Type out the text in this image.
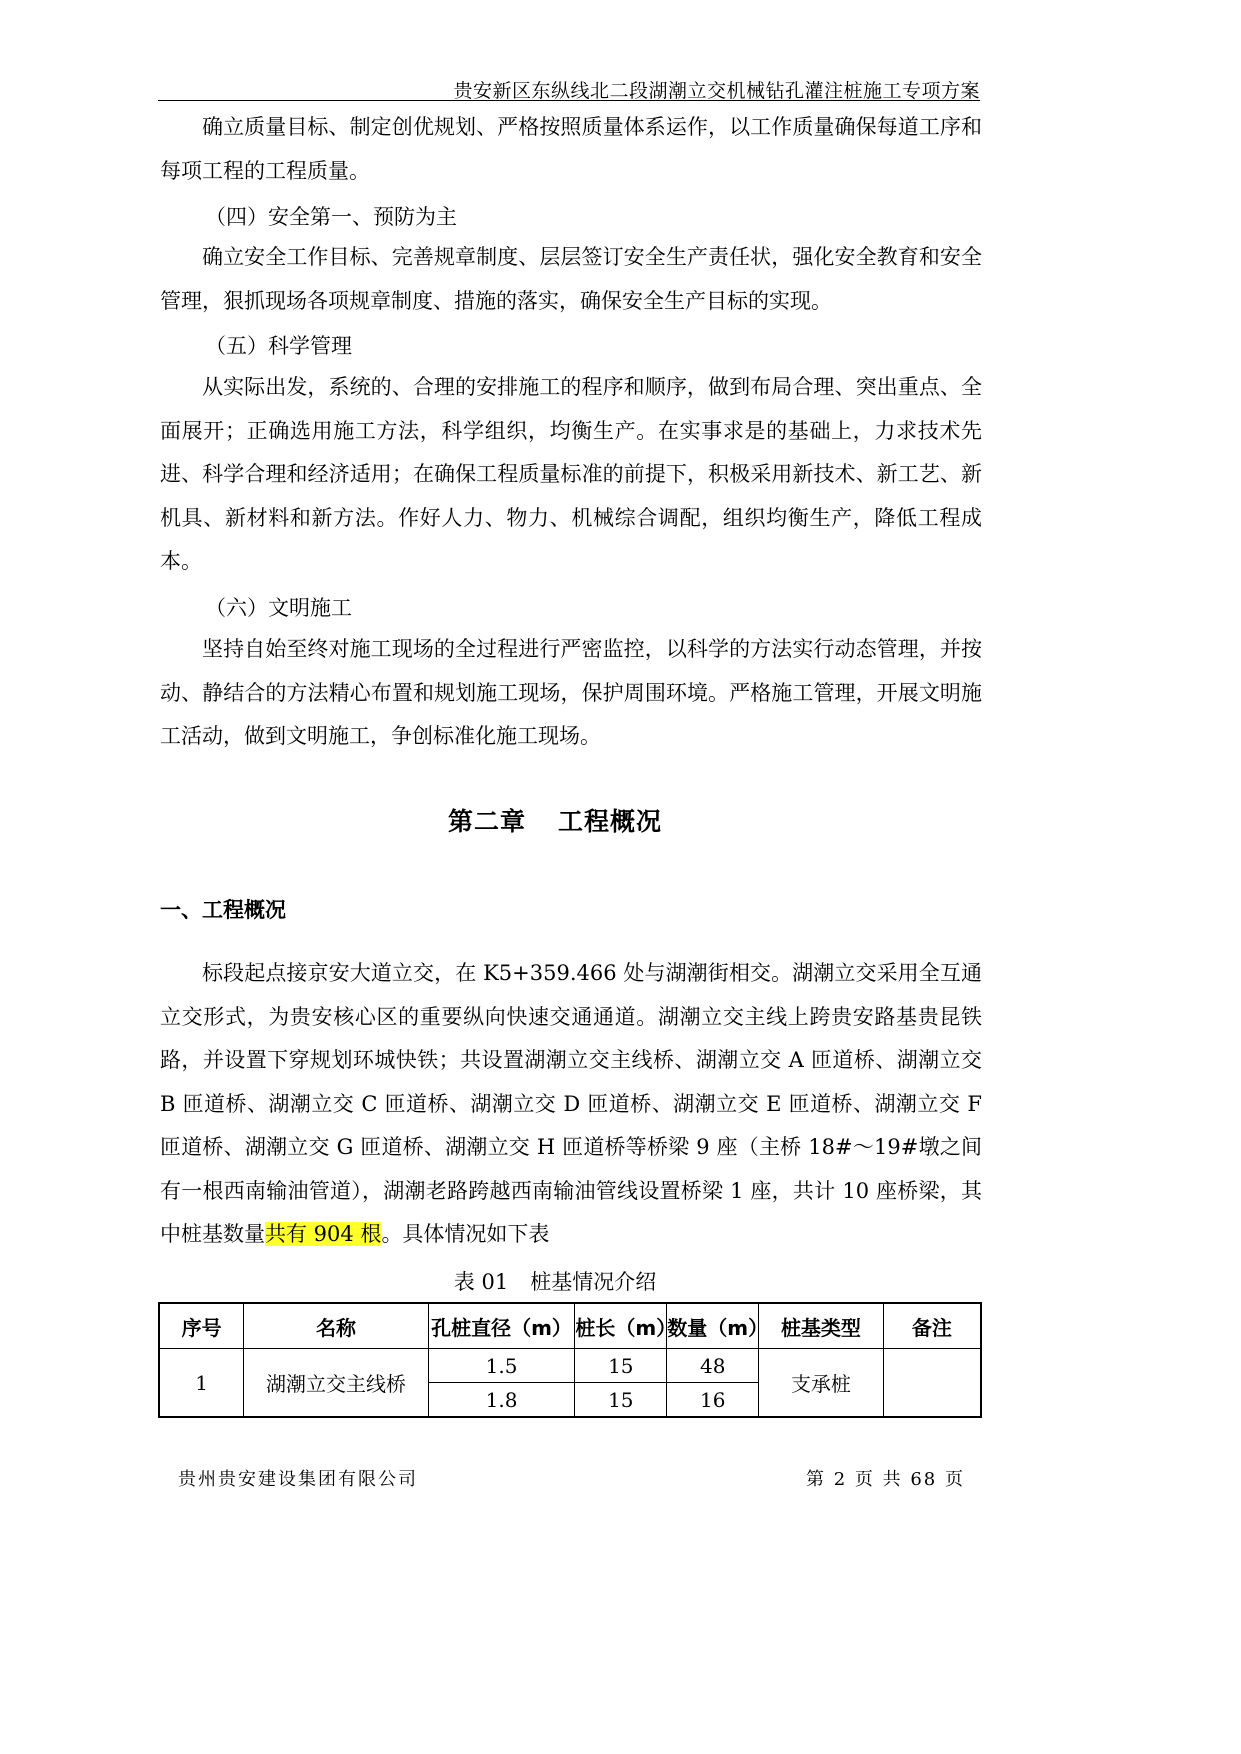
贵安新区东纵线北二段湖潮立交机械钻孔灌注桩施工专项方案
确立质量目标、制定创优规划、严格按照质量体系运作，以工作质量确保每道工序和每项工程的工程质量。
（四）安全第一、预防为主
确立安全工作目标、完善规章制度、层层签订安全生产责任状，强化安全教育和安全管理，狠抓现场各项规章制度、措施的落实，确保安全生产目标的实现。
（五）科学管理
从实际出发，系统的、合理的安排施工的程序和顺序，做到布局合理、突出重点、全面展开；正确选用施工方法，科学组织，均衡生产。在实事求是的基础上，力求技术先进、科学合理和经济适用；在确保工程质量标准的前提下，积极采用新技术、新工艺、新机具、新材料和新方法。作好人力、物力、机械综合调配，组织均衡生产，降低工程成本。
（六）文明施工
坚持自始至终对施工现场的全过程进行严密监控，以科学的方法实行动态管理，并按动、静结合的方法精心布置和规划施工现场，保护周围环境。严格施工管理，开展文明施工活动，做到文明施工，争创标准化施工现场。
第二章 工程概况
一、工程概况
标段起点接京安大道立交，在 K5+359.466 处与湖潮街相交。湖潮立交采用全互通立交形式，为贵安核心区的重要纵向快速交通通道。湖潮立交主线上跨贵安路基贵昆铁路，并设置下穿规划环城快铁；共设置湖潮立交主线桥、湖潮立交 A 匝道桥、湖潮立交 B 匝道桥、湖潮立交 C 匝道桥、湖潮立交 D 匝道桥、湖潮立交 E 匝道桥、湖潮立交 F 匝道桥、湖潮立交 G 匝道桥、湖潮立交 H 匝道桥等桥梁 9 座（主桥 18#～19#墩之间有一根西南输油管道），湖潮老路跨越西南输油管线设置桥梁 1 座，共计 10 座桥梁，其中桩基数量共有 904 根。具体情况如下表
表 01 桩基情况介绍
序号	名称	孔桩直径（m）	桩长（m）	数量（m）	桩基类型	备注
1	湖潮立交主线桥	1.5	15	48	支承桩	
		1.8	15	16		
贵州贵安建设集团有限公司	第 2 页 共 68 页
